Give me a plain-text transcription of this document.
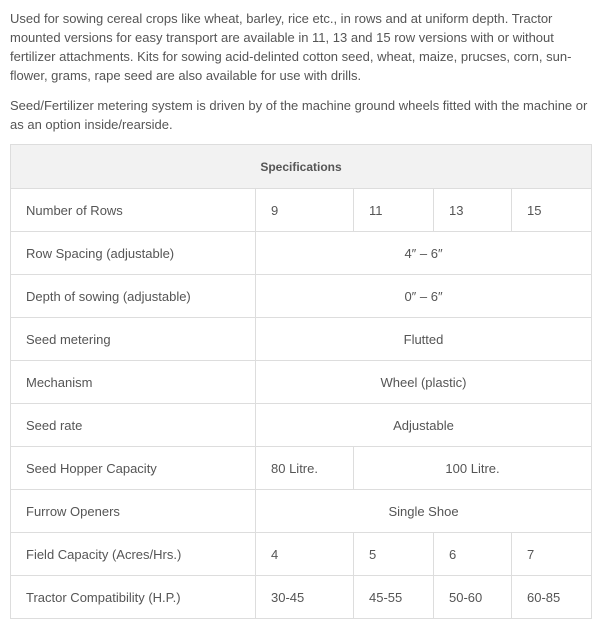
Used for sowing cereal crops like wheat, barley, rice etc., in rows and at uniform depth. Tractor mounted versions for easy transport are available in 11, 13 and 15 row versions with or without fertilizer attachments. Kits for sowing acid-delinted cotton seed, wheat, maize, prucses, corn, sun-flower, grams, rape seed are also available for use with drills.

Seed/Fertilizer metering system is driven by of the machine ground wheels fitted with the machine or as an option inside/rearside.

Specifications				
Number of Rows	9	11	13	15
Row Spacing (adjustable)	4″ – 6″			
Depth of sowing (adjustable)	0″ – 6″			
Seed metering	Flutted			
Mechanism	Wheel (plastic)			
Seed rate	Adjustable			
Seed Hopper Capacity	80 Litre.	100 Litre.		
Furrow Openers	Single Shoe			
Field Capacity (Acres/Hrs.)	4	5	6	7
Tractor Compatibility (H.P.)	30-45	45-55	50-60	60-85
